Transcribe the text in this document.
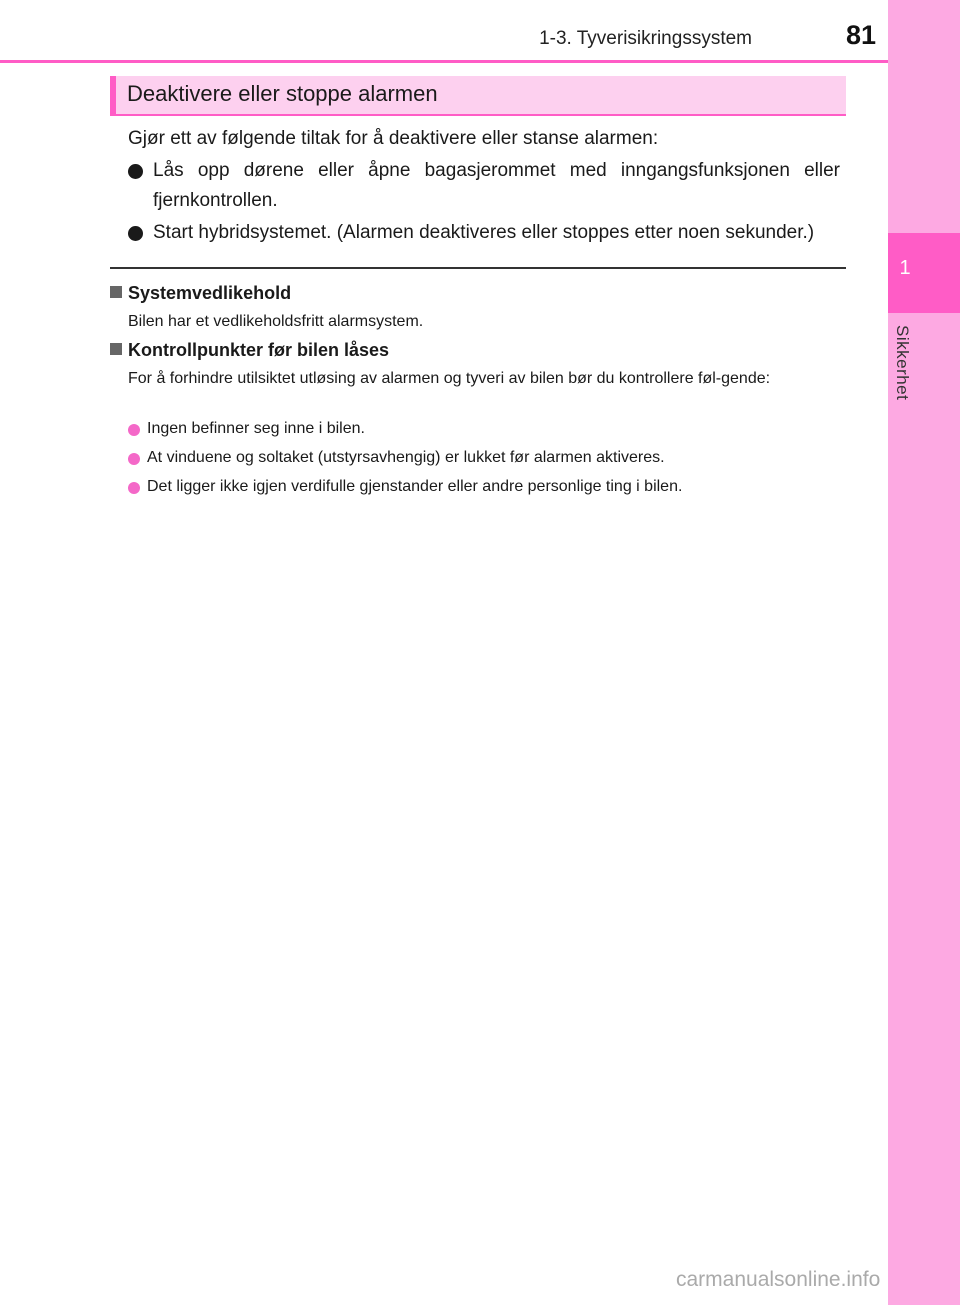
1
Sikkerhet
1-3. Tyverisikringssystem	81
Deaktivere eller stoppe alarmen
Gjør ett av følgende tiltak for å deaktivere eller stanse alarmen:
Lås opp dørene eller åpne bagasjerommet med inngangsfunksjonen eller fjernkontrollen.
Start hybridsystemet. (Alarmen deaktiveres eller stoppes etter noen sekunder.)
Systemvedlikehold
Bilen har et vedlikeholdsfritt alarmsystem.
Kontrollpunkter før bilen låses
For å forhindre utilsiktet utløsing av alarmen og tyveri av bilen bør du kontrollere føl-gende:
Ingen befinner seg inne i bilen.
At vinduene og soltaket (utstyrsavhengig) er lukket før alarmen aktiveres.
Det ligger ikke igjen verdifulle gjenstander eller andre personlige ting i bilen.
carmanualsonline.info
